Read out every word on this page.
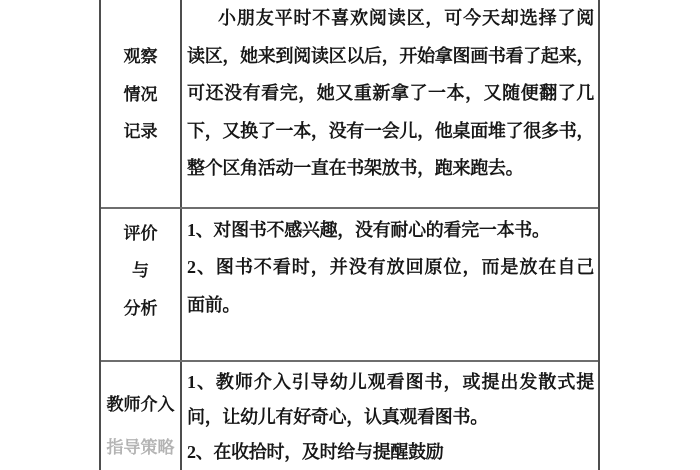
观察
情况
记录
小朋友平时不喜欢阅读区，可今天却选择了阅
读区，她来到阅读区以后，开始拿图画书看了起来，
可还没有看完，她又重新拿了一本，又随便翻了几
下，又换了一本，没有一会儿，他桌面堆了很多书，
整个区角活动一直在书架放书，跑来跑去。
评价
与
分析
1、对图书不感兴趣，没有耐心的看完一本书。
2、图书不看时，并没有放回原位，而是放在自己
面前。
教师介入
指导策略
1、教师介入引导幼儿观看图书，或提出发散式提
问，让幼儿有好奇心，认真观看图书。
2、在收拾时，及时给与提醒鼓励
